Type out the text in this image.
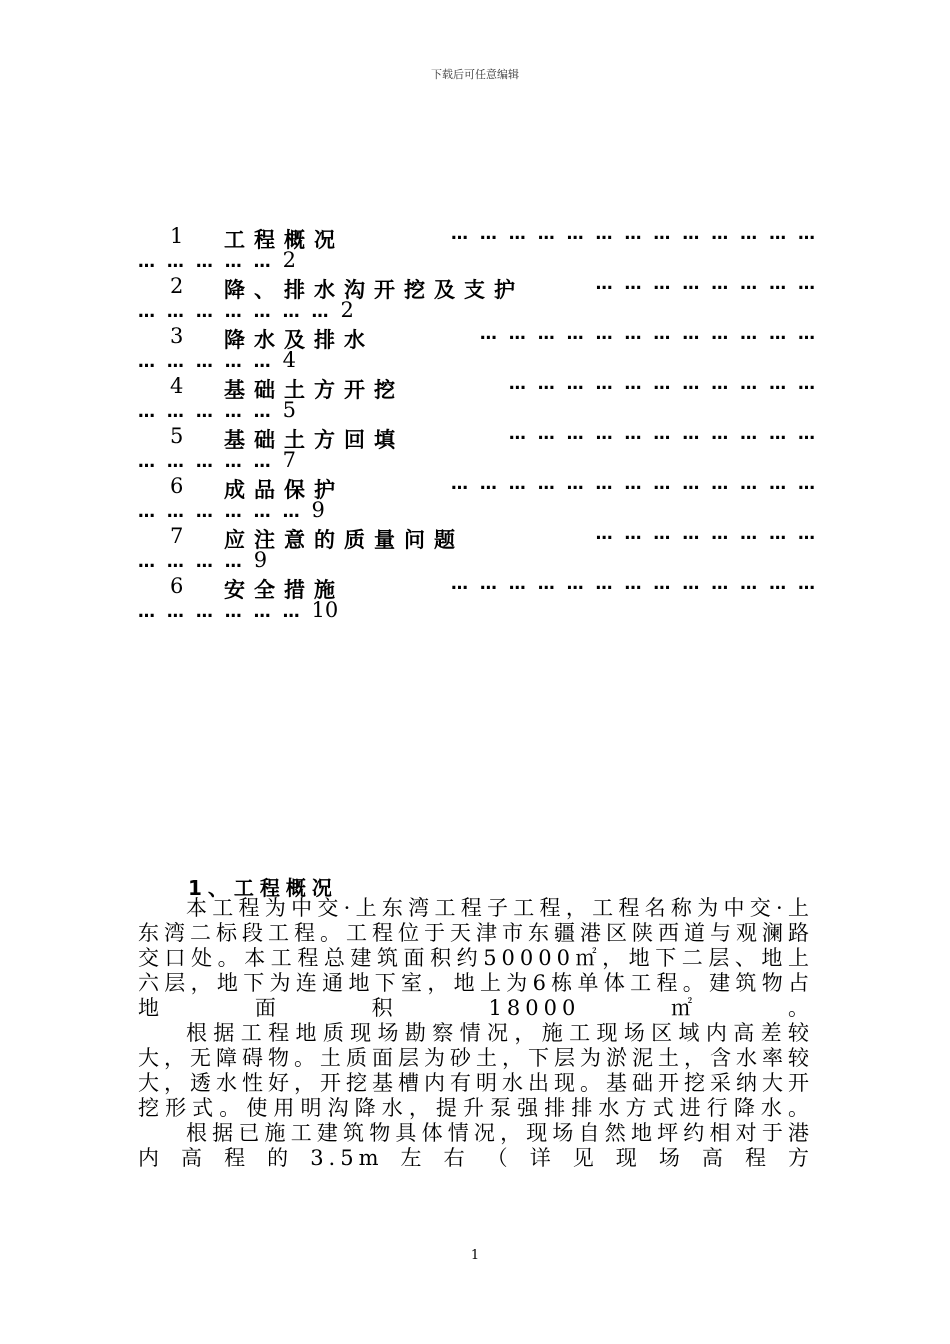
下载后可任意编辑
1 工程概况	… … … … … … … … … … … … …
… … … … … 2
2 降、排水沟开挖及支护	… … … … … … … …
… … … … … … … 2
3 降水及排水	… … … … … … … … … … … …
… … … … … 4
4 基础土方开挖	… … … … … … … … … … …
… … … … … 5
5 基础土方回填	… … … … … … … … … … …
… … … … … 7
6 成品保护	… … … … … … … … … … … … …
… … … … … … 9
7 应注意的质量问题	… … … … … … … …
… … … … 9
6 安全措施	… … … … … … … … … … … … …
… … … … … … 10
1、工程概况

本工程为中交·上东湾工程子工程，工程名称为中交·上东湾二标段工程。工程位于天津市东疆港区陕西道与观澜路交口处。本工程总建筑面积约50000㎡，地下二层、地上六层，地下为连通地下室，地上为6栋单体工程。建筑物占地面积18000㎡。

根据工程地质现场勘察情况，施工现场区域内高差较大，无障碍物。土质面层为砂土，下层为淤泥土，含水率较大，透水性好，开挖基槽内有明水出现。基础开挖采纳大开挖形式。使用明沟降水，提升泵强排排水方式进行降水。

根据已施工建筑物具体情况，现场自然地坪约相对于港内高程的3.5m左右（详见现场高程方

1
